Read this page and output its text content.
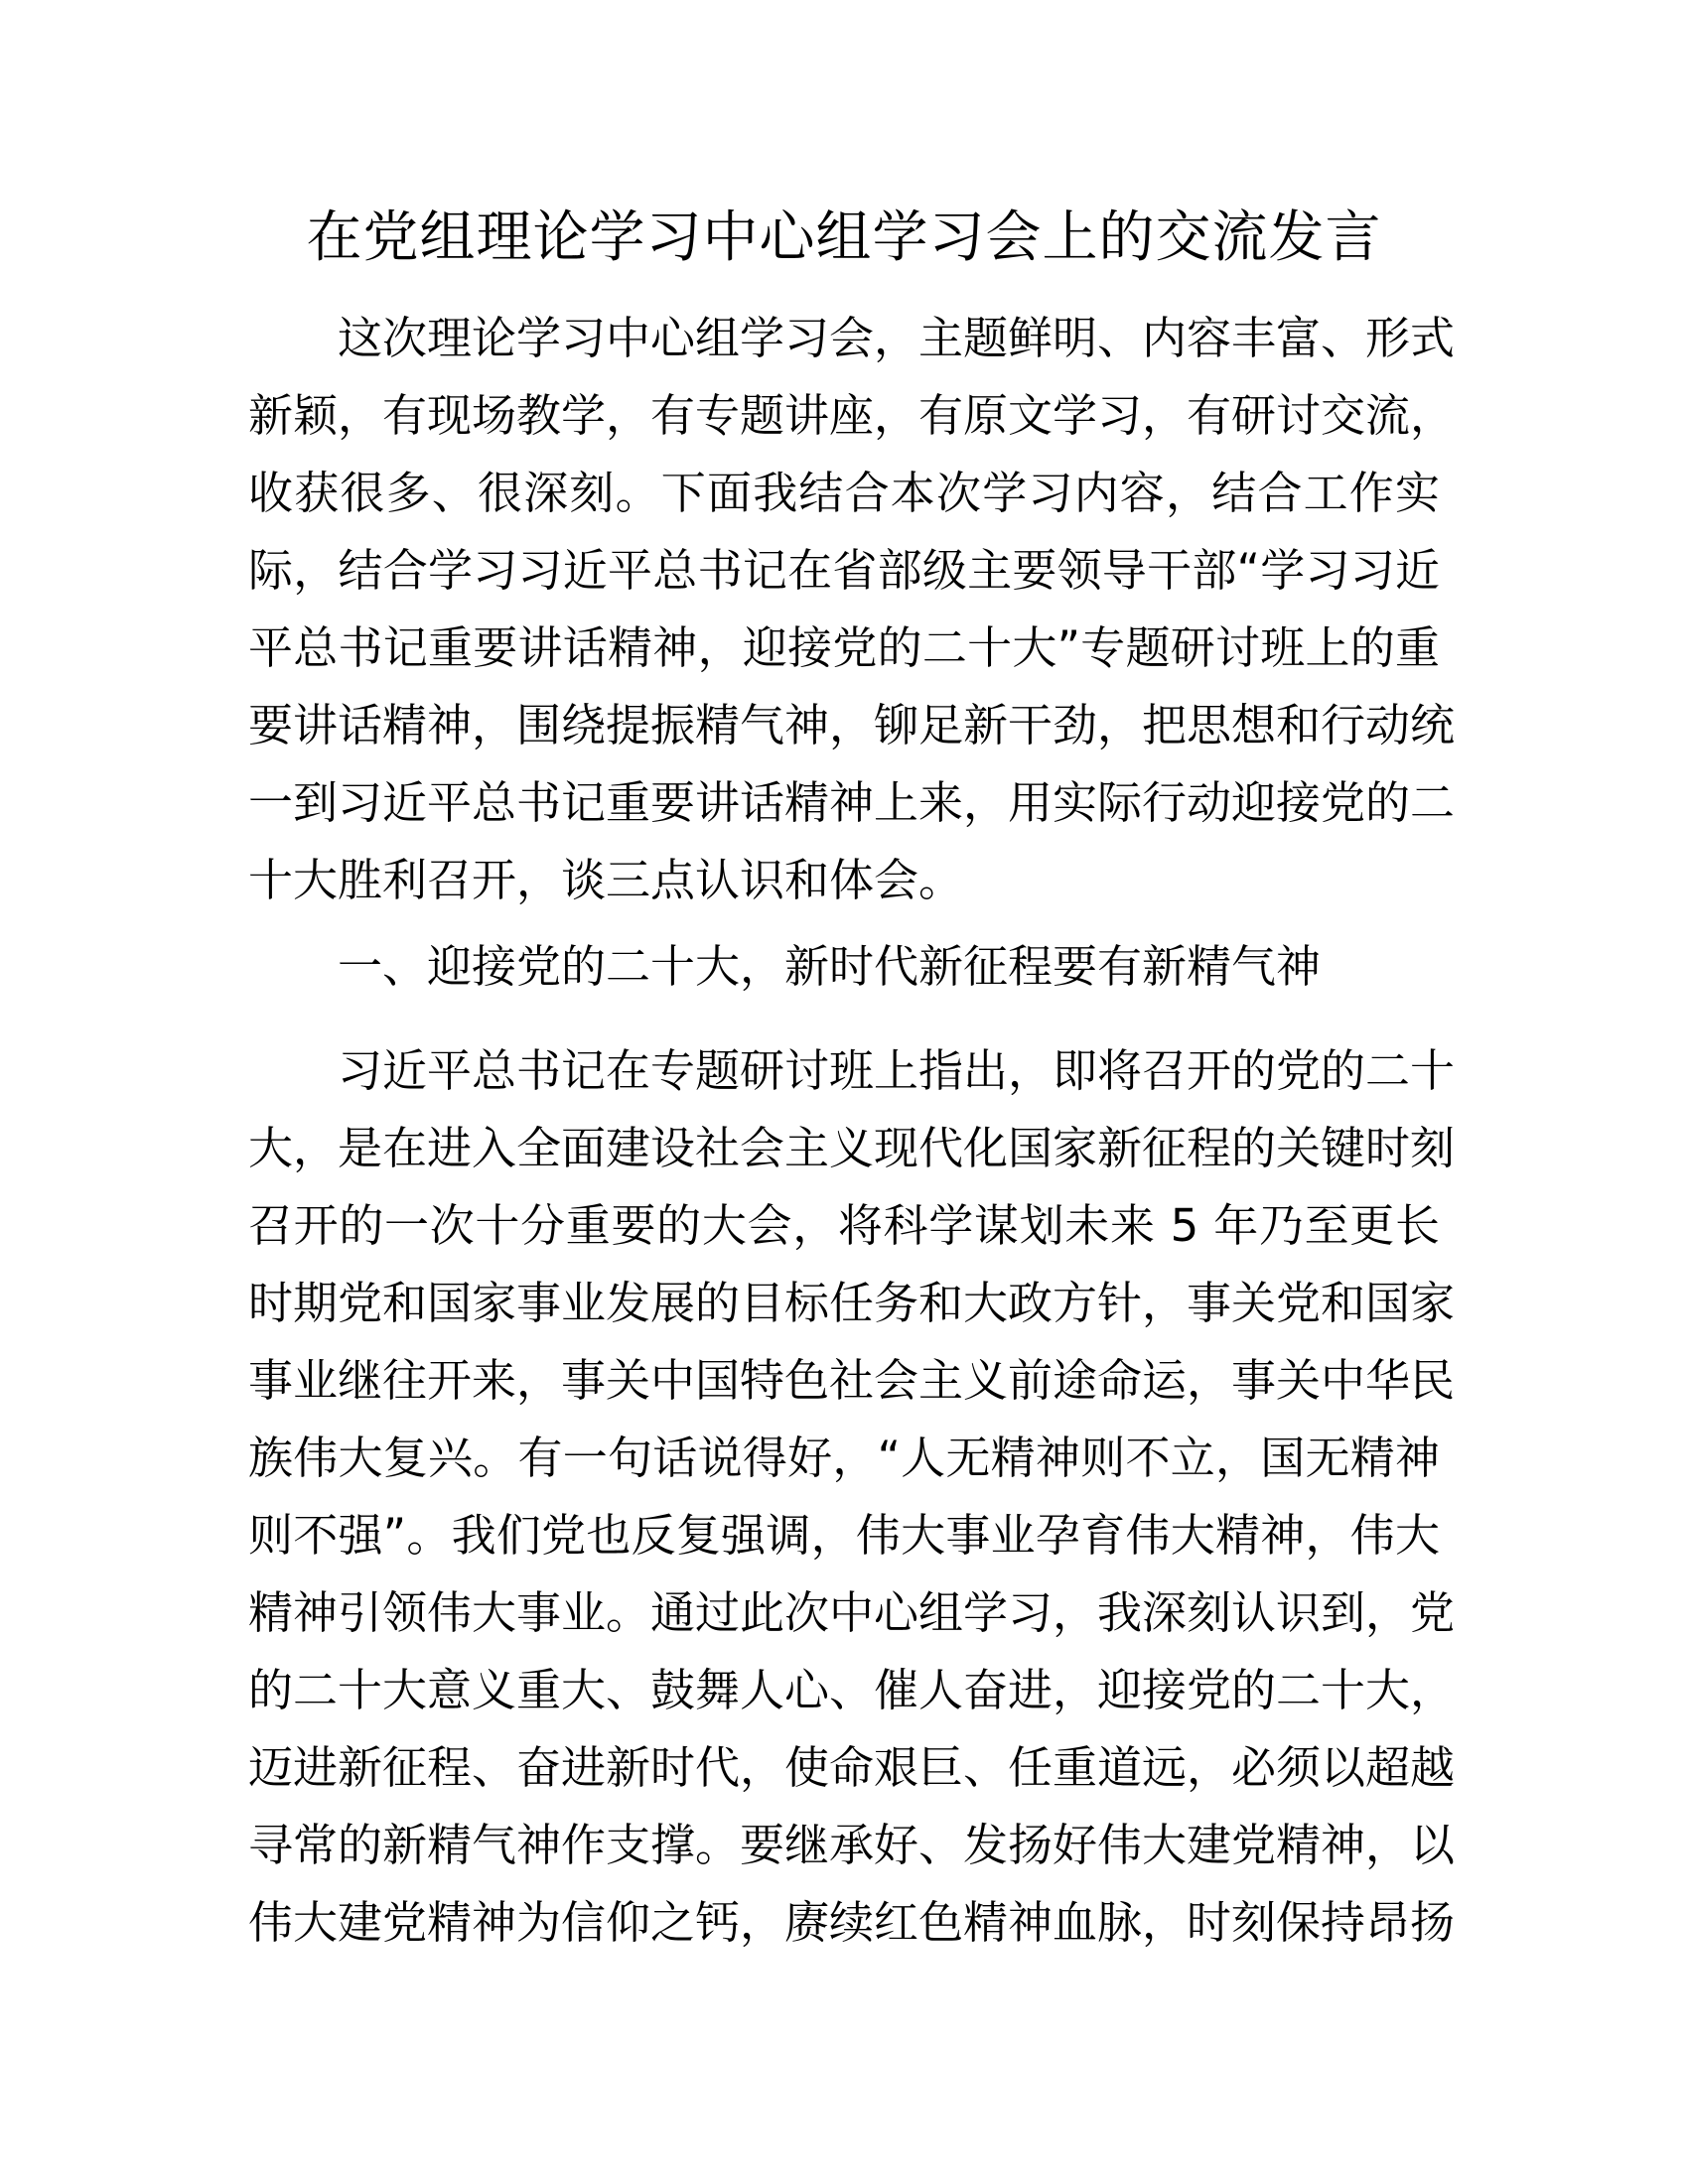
在党组理论学习中心组学习会上的交流发言
这次理论学习中心组学习会，主题鲜明、内容丰富、形式
新颖，有现场教学，有专题讲座，有原文学习，有研讨交流，
收获很多、很深刻。下面我结合本次学习内容，结合工作实
际，结合学习习近平总书记在省部级主要领导干部“学习习近
平总书记重要讲话精神，迎接党的二十大”专题研讨班上的重
要讲话精神，围绕提振精气神，铆足新干劲，把思想和行动统
一到习近平总书记重要讲话精神上来，用实际行动迎接党的二
十大胜利召开，谈三点认识和体会。
一、迎接党的二十大，新时代新征程要有新精气神
习近平总书记在专题研讨班上指出，即将召开的党的二十
大，是在进入全面建设社会主义现代化国家新征程的关键时刻
召开的一次十分重要的大会，将科学谋划未来 5 年乃至更长
时期党和国家事业发展的目标任务和大政方针，事关党和国家
事业继往开来，事关中国特色社会主义前途命运，事关中华民
族伟大复兴。有一句话说得好，“人无精神则不立，国无精神
则不强”。我们党也反复强调，伟大事业孕育伟大精神，伟大
精神引领伟大事业。通过此次中心组学习，我深刻认识到，党
的二十大意义重大、鼓舞人心、催人奋进，迎接党的二十大，
迈进新征程、奋进新时代，使命艰巨、任重道远，必须以超越
寻常的新精气神作支撑。要继承好、发扬好伟大建党精神，以
伟大建党精神为信仰之钙，赓续红色精神血脉，时刻保持昂扬
